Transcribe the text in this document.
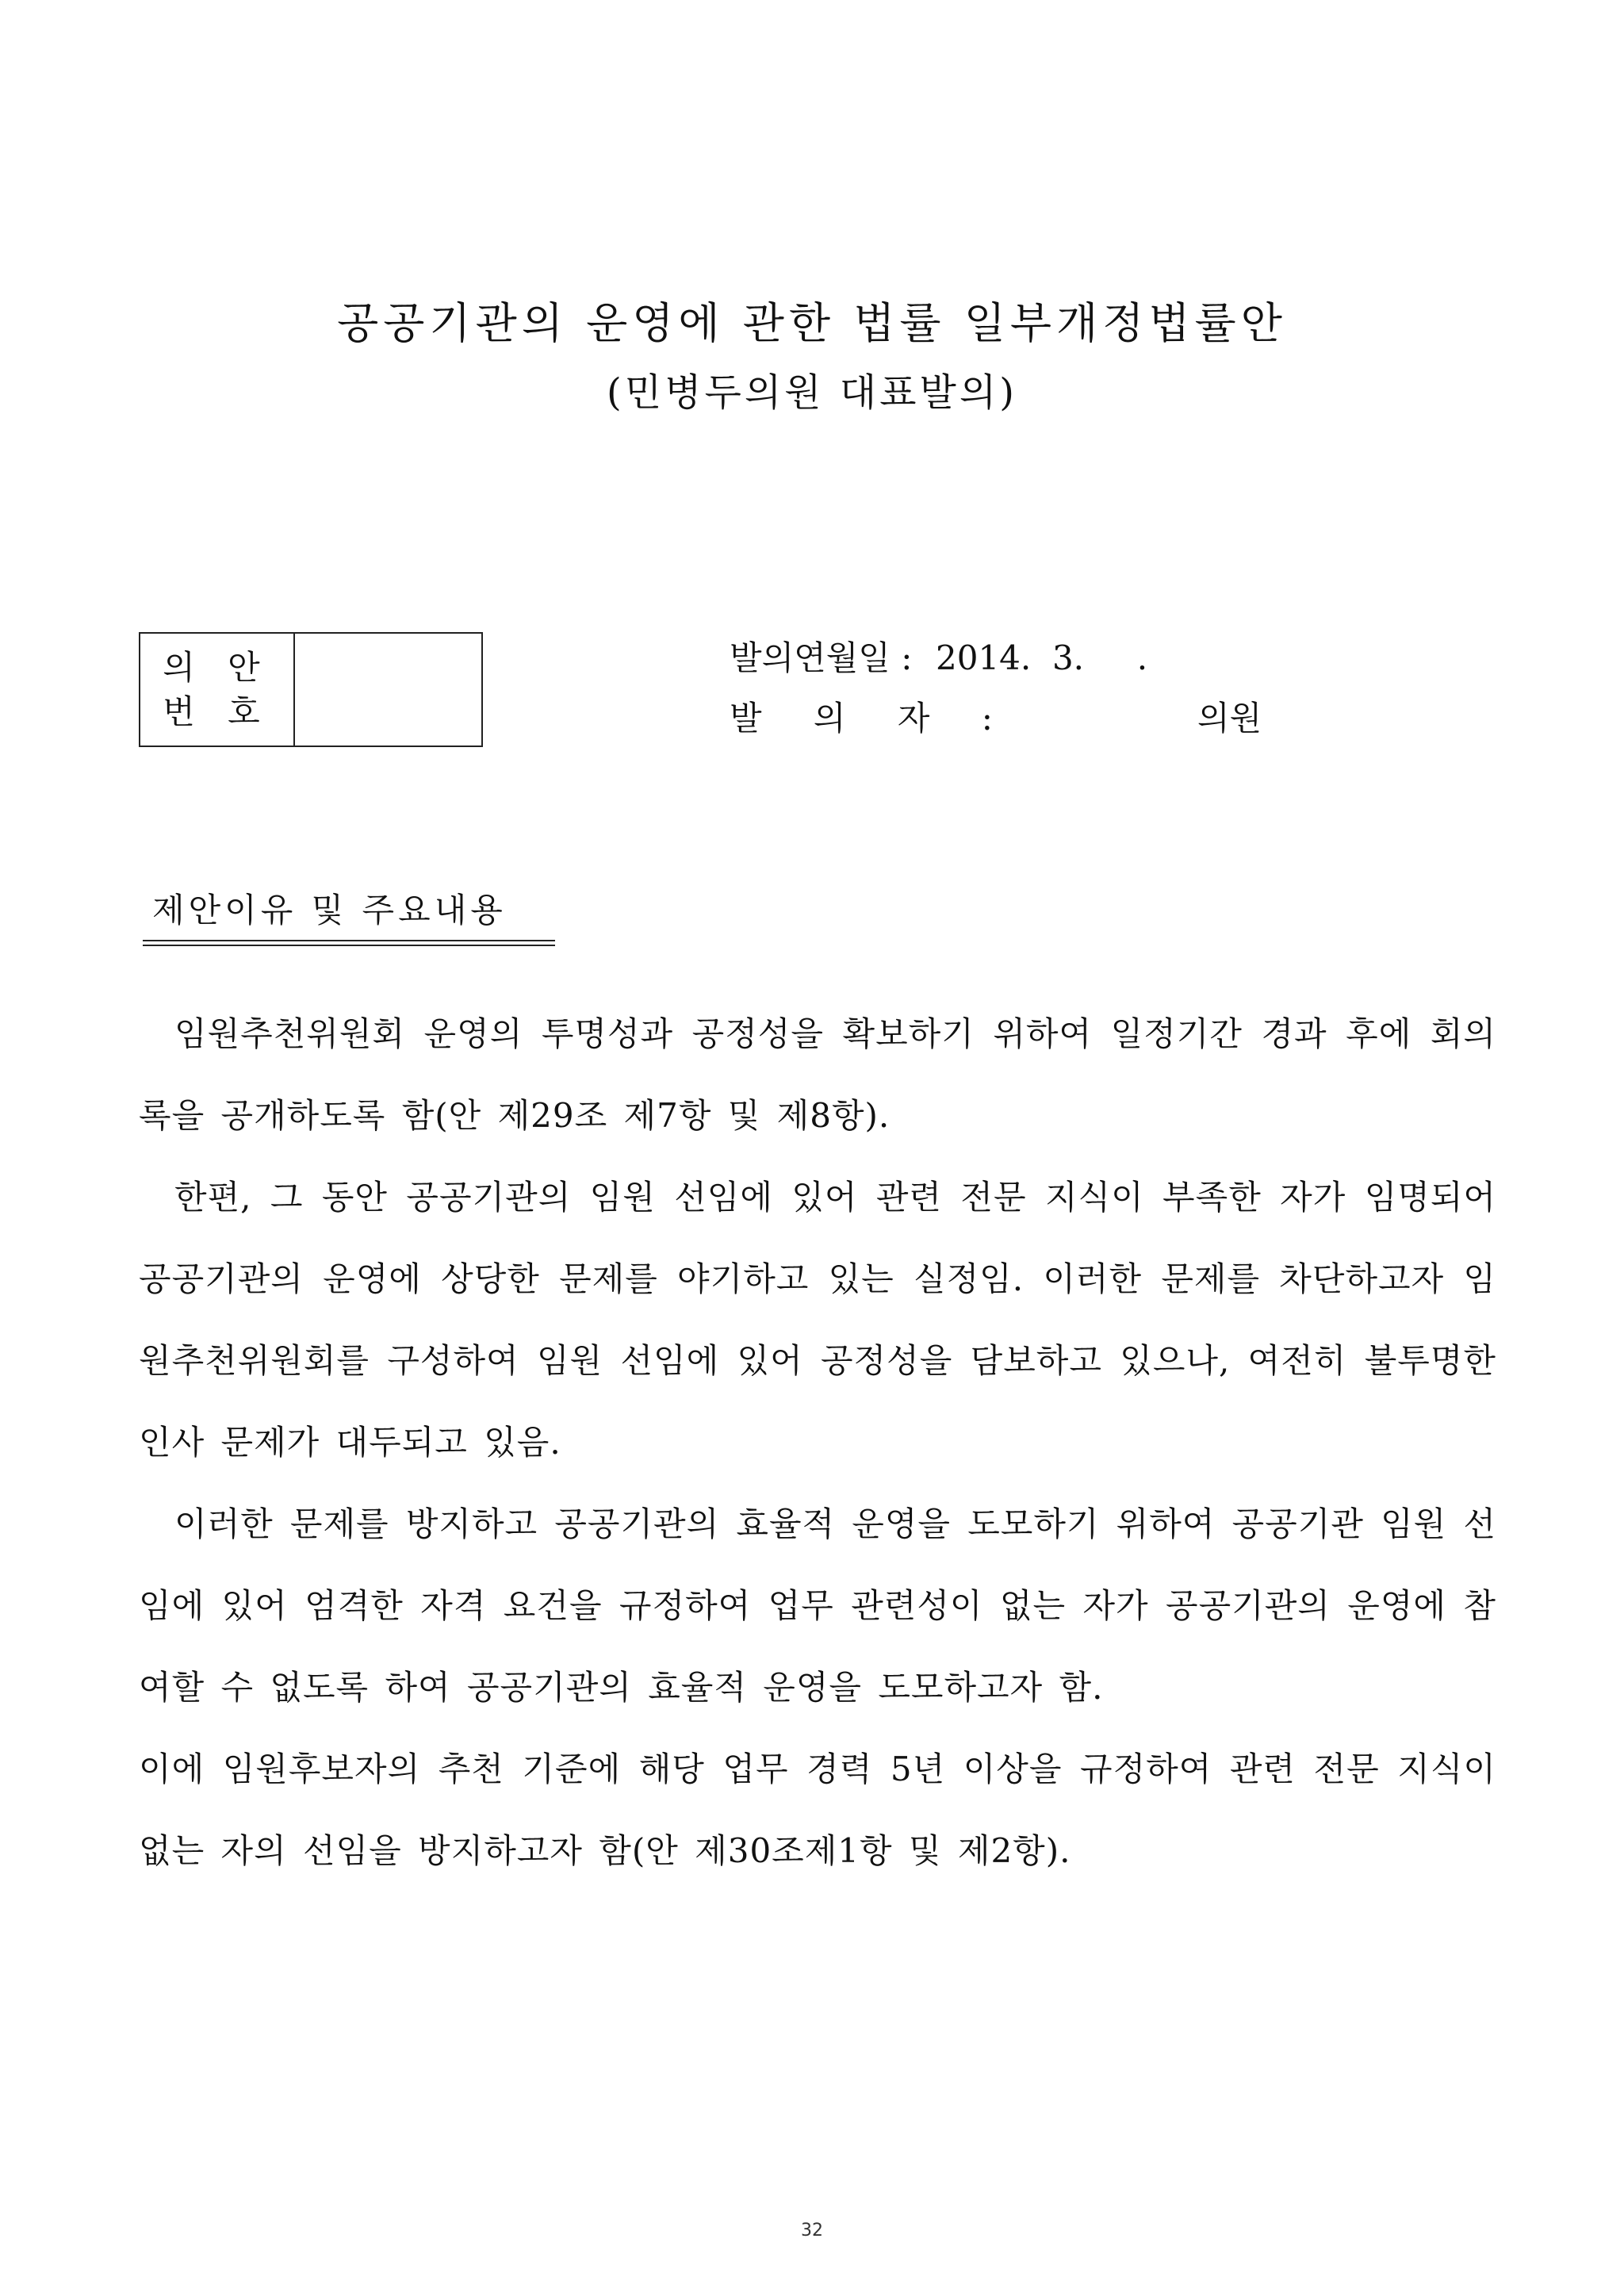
공공기관의 운영에 관한 법률 일부개정법률안
(민병두의원 대표발의)
의 안
번 호
발의연월일 : 2014.  3.     .
발 의 자 :	의원
제안이유 및 주요내용

임원추천위원회 운영의 투명성과 공정성을 확보하기 위하여 일정기간 경과 후에 회의록을 공개하도록 함(안 제29조 제7항 및 제8항).

한편, 그 동안 공공기관의 임원 선임에 있어 관련 전문 지식이 부족한 자가 임명되어 공공기관의 운영에 상당한 문제를 야기하고 있는 실정임. 이러한 문제를 차단하고자 임원추천위원회를 구성하여 임원 선임에 있어 공정성을 담보하고 있으나, 여전히 불투명한 인사 문제가 대두되고 있음.

이러한 문제를 방지하고 공공기관의 효율적 운영을 도모하기 위하여 공공기관 임원 선임에 있어 엄격한 자격 요건을 규정하여 업무 관련성이 없는 자가 공공기관의 운영에 참여할 수 없도록 하여 공공기관의 효율적 운영을 도모하고자 함.

이에 임원후보자의 추천 기준에 해당 업무 경력 5년 이상을 규정하여 관련 전문 지식이 없는 자의 선임을 방지하고자 함(안 제30조제1항 및 제2항).

32
